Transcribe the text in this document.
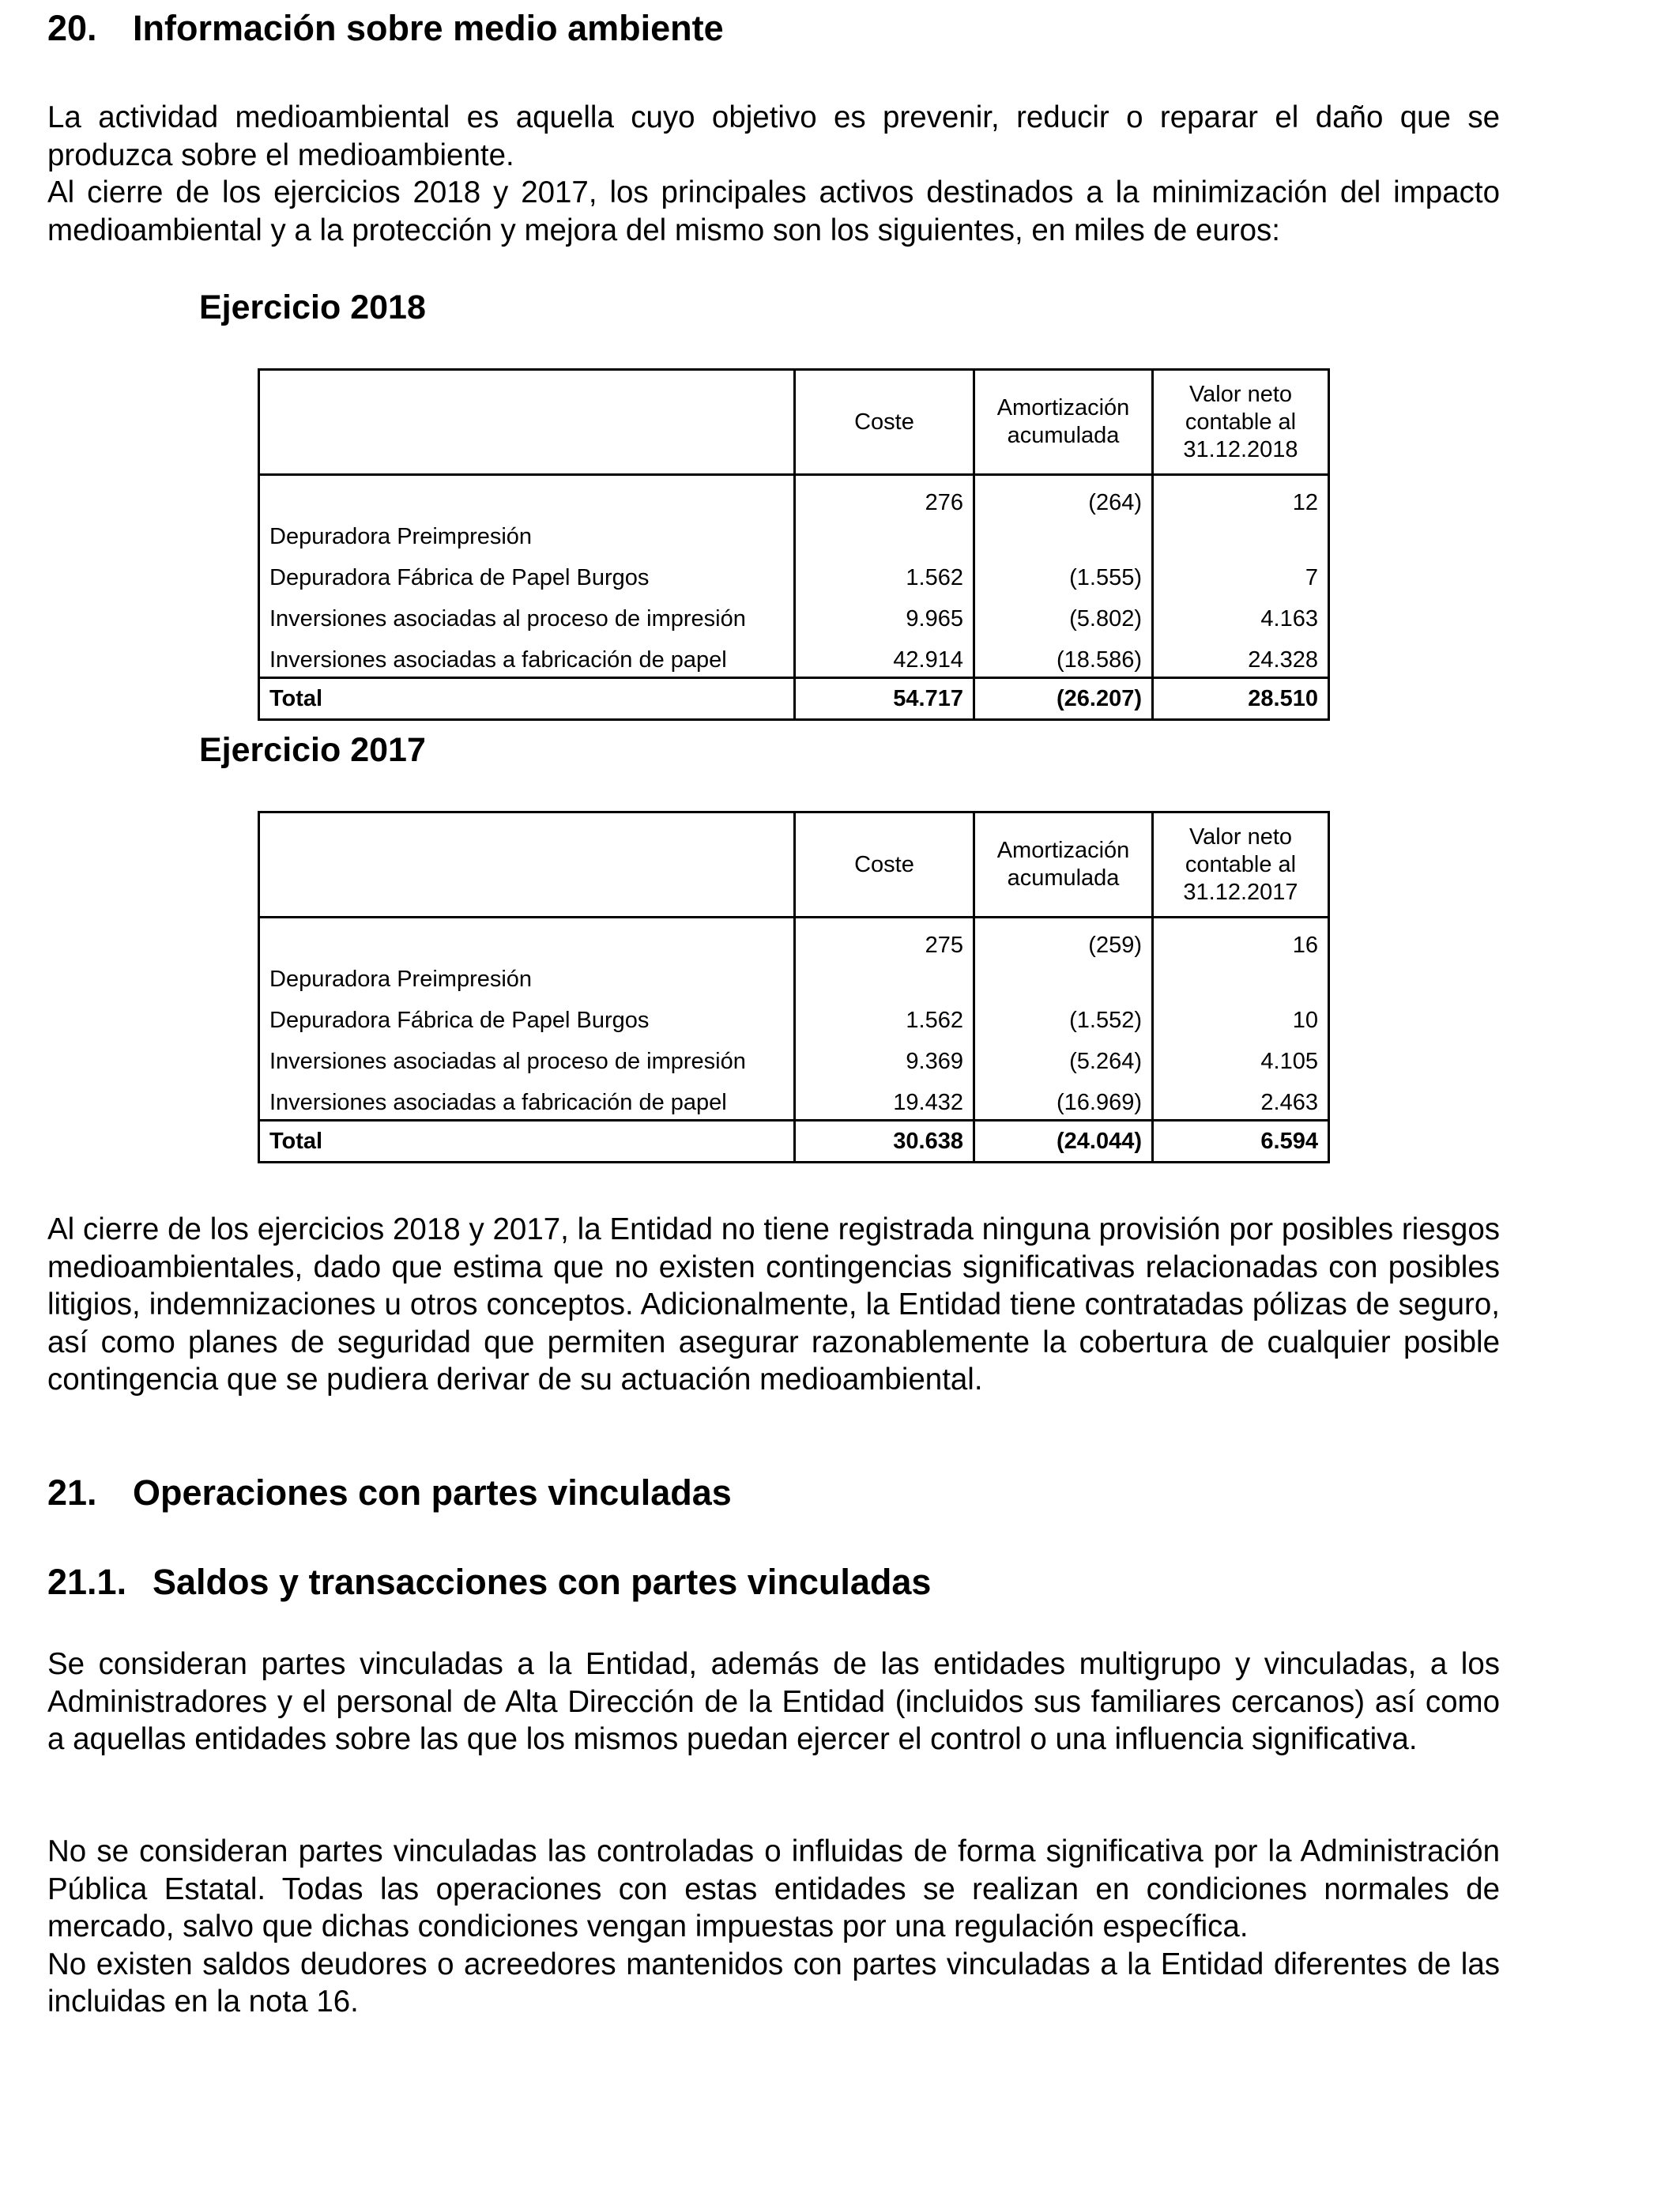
20. Información sobre medio ambiente

La actividad medioambiental es aquella cuyo objetivo es prevenir, reducir o reparar el daño que se produzca sobre el medioambiente.

Al cierre de los ejercicios 2018 y 2017, los principales activos destinados a la minimización del impacto medioambiental y a la protección y mejora del mismo son los siguientes, en miles de euros:

Ejercicio 2018
	Coste	Amortización acumulada	Valor neto contable al 31.12.2018
Depuradora Preimpresión	276	(264)	12
Depuradora Fábrica de Papel Burgos	1.562	(1.555)	7
Inversiones asociadas al proceso de impresión	9.965	(5.802)	4.163
Inversiones asociadas a fabricación de papel	42.914	(18.586)	24.328
Total	54.717	(26.207)	28.510
Ejercicio 2017
	Coste	Amortización acumulada	Valor neto contable al 31.12.2017
Depuradora Preimpresión	275	(259)	16
Depuradora Fábrica de Papel Burgos	1.562	(1.552)	10
Inversiones asociadas al proceso de impresión	9.369	(5.264)	4.105
Inversiones asociadas a fabricación de papel	19.432	(16.969)	2.463
Total	30.638	(24.044)	6.594

Al cierre de los ejercicios 2018 y 2017, la Entidad no tiene registrada ninguna provisión por posibles riesgos medioambientales, dado que estima que no existen contingencias significativas relacionadas con posibles litigios, indemnizaciones u otros conceptos. Adicionalmente, la Entidad tiene contratadas pólizas de seguro, así como planes de seguridad que permiten asegurar razonablemente la cobertura de cualquier posible contingencia que se pudiera derivar de su actuación medioambiental.

21. Operaciones con partes vinculadas
21.1. Saldos y transacciones con partes vinculadas

Se consideran partes vinculadas a la Entidad, además de las entidades multigrupo y vinculadas, a los Administradores y el personal de Alta Dirección de la Entidad (incluidos sus familiares cercanos) así como a aquellas entidades sobre las que los mismos puedan ejercer el control o una influencia significativa.

No se consideran partes vinculadas las controladas o influidas de forma significativa por la Administración Pública Estatal. Todas las operaciones con estas entidades se realizan en condiciones normales de mercado, salvo que dichas condiciones vengan impuestas por una regulación específica.

No existen saldos deudores o acreedores mantenidos con partes vinculadas a la Entidad diferentes de las incluidas en la nota 16.
